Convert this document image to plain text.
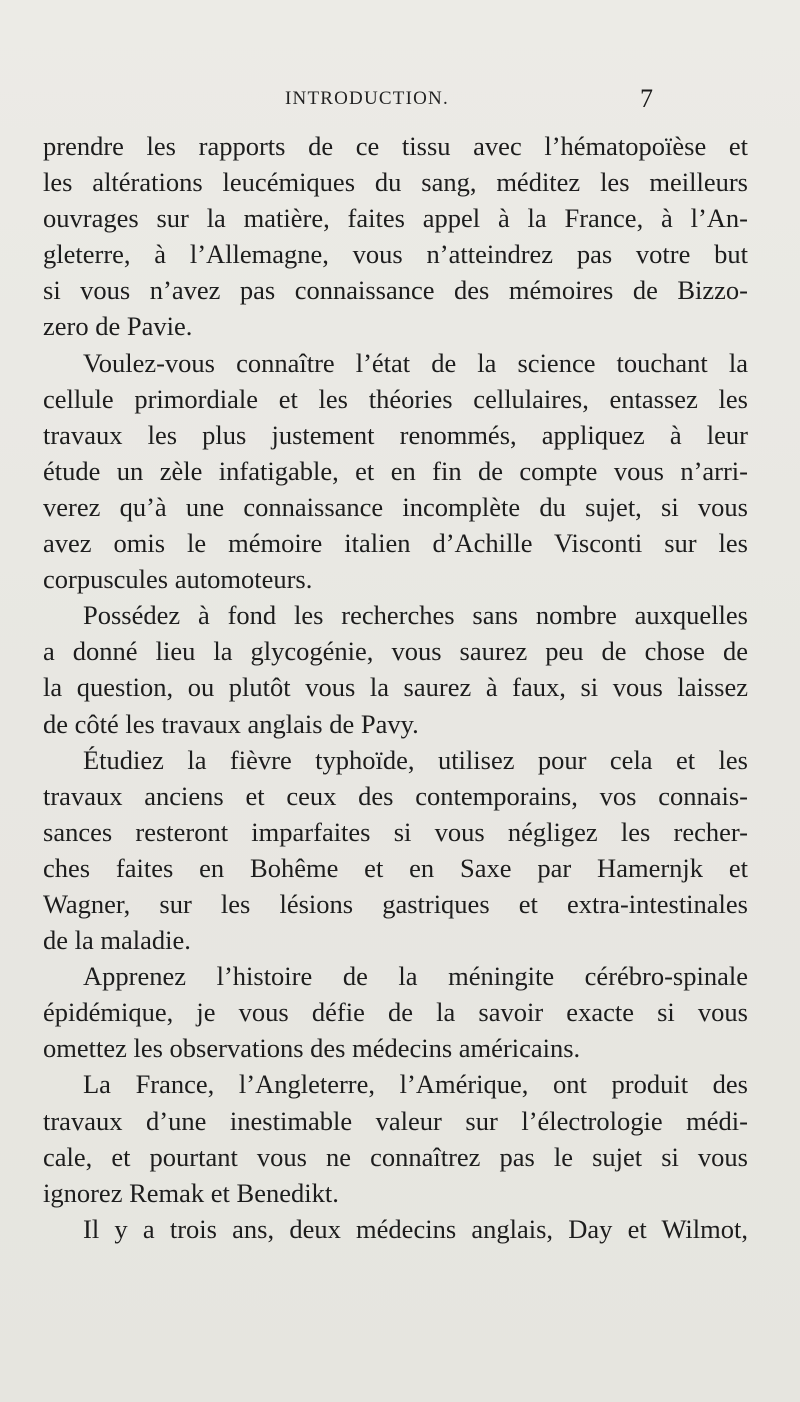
INTRODUCTION.	7
prendre les rapports de ce tissu avec l’hématopoïèse et
les altérations leucémiques du sang, méditez les meilleurs
ouvrages sur la matière, faites appel à la France, à l’An-
gleterre, à l’Allemagne, vous n’atteindrez pas votre but
si vous n’avez pas connaissance des mémoires de Bizzo-
zero de Pavie.
Voulez-vous connaître l’état de la science touchant la
cellule primordiale et les théories cellulaires, entassez les
travaux les plus justement renommés, appliquez à leur
étude un zèle infatigable, et en fin de compte vous n’arri-
verez qu’à une connaissance incomplète du sujet, si vous
avez omis le mémoire italien d’Achille Visconti sur les
corpuscules automoteurs.
Possédez à fond les recherches sans nombre auxquelles
a donné lieu la glycogénie, vous saurez peu de chose de
la question, ou plutôt vous la saurez à faux, si vous laissez
de côté les travaux anglais de Pavy.
Étudiez la fièvre typhoïde, utilisez pour cela et les
travaux anciens et ceux des contemporains, vos connais-
sances resteront imparfaites si vous négligez les recher-
ches faites en Bohême et en Saxe par Hamernjk et
Wagner, sur les lésions gastriques et extra-intestinales
de la maladie.
Apprenez l’histoire de la méningite cérébro-spinale
épidémique, je vous défie de la savoir exacte si vous
omettez les observations des médecins américains.
La France, l’Angleterre, l’Amérique, ont produit des
travaux d’une inestimable valeur sur l’électrologie médi-
cale, et pourtant vous ne connaîtrez pas le sujet si vous
ignorez Remak et Benedikt.
Il y a trois ans, deux médecins anglais, Day et Wilmot,
